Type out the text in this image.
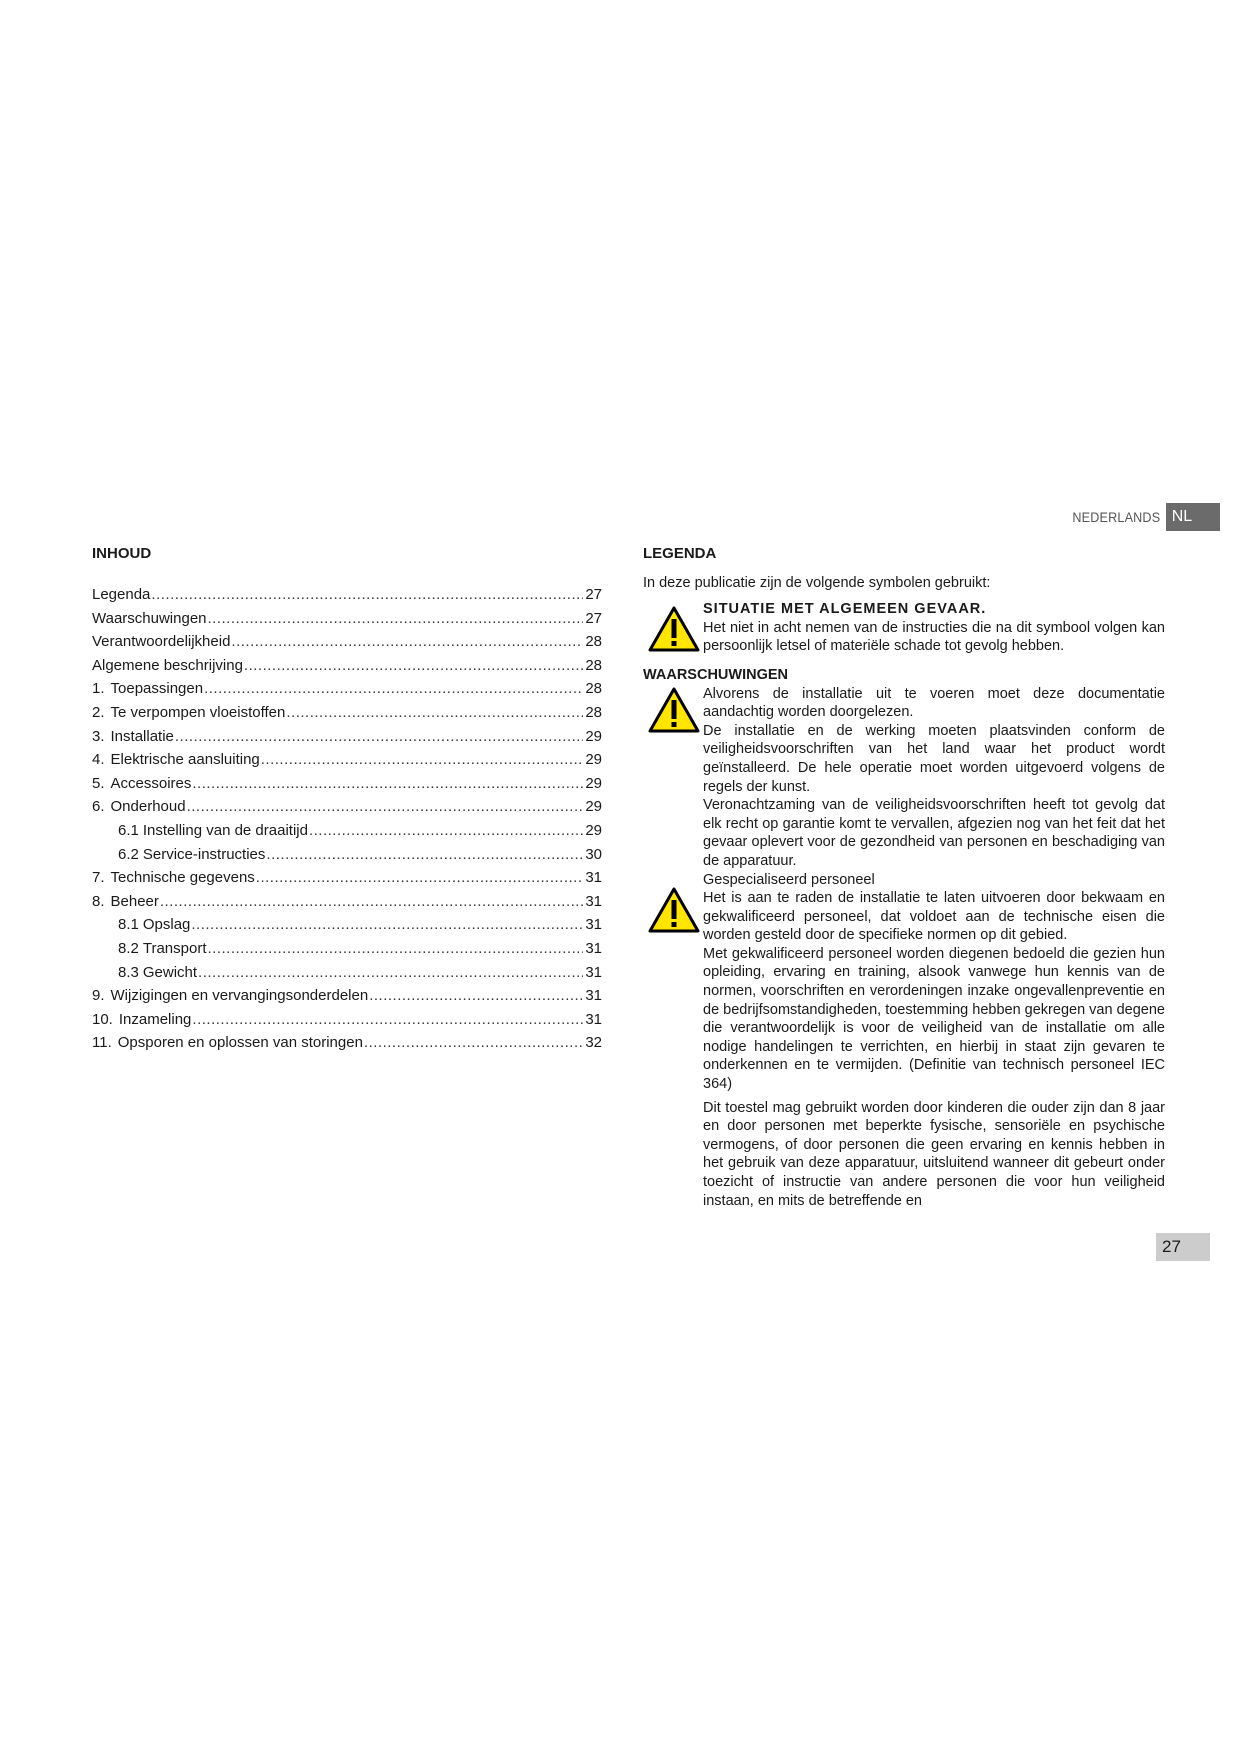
NEDERLANDS NL
INHOUD
Legenda .....	27
Waarschuwingen .....	27
Verantwoordelijkheid .....	28
Algemene beschrijving .....	28
1. Toepassingen .....	28
2. Te verpompen vloeistoffen .....	28
3. Installatie .....	29
4. Elektrische aansluiting .....	29
5. Accessoires .....	29
6. Onderhoud .....	29
6.1 Instelling van de draaitijd .....	29
6.2 Service-instructies .....	30
7. Technische gegevens .....	31
8. Beheer .....	31
8.1 Opslag .....	31
8.2 Transport .....	31
8.3 Gewicht .....	31
9. Wijzigingen en vervangingsonderdelen .....	31
10. Inzameling .....	31
11. Opsporen en oplossen van storingen .....	32
LEGENDA

In deze publicatie zijn de volgende symbolen gebruikt:

SITUATIE MET ALGEMEEN GEVAAR.

Het niet in acht nemen van de instructies die na dit symbool volgen kan persoonlijk letsel of materiële schade tot gevolg hebben.

WAARSCHUWINGEN

Alvorens de installatie uit te voeren moet deze documentatie aandachtig worden doorgelezen.

De installatie en de werking moeten plaatsvinden conform de veiligheidsvoorschriften van het land waar het product wordt geïnstalleerd. De hele operatie moet worden uitgevoerd volgens de regels der kunst.

Veronachtzaming van de veiligheidsvoorschriften heeft tot gevolg dat elk recht op garantie komt te vervallen, afgezien nog van het feit dat het gevaar oplevert voor de gezondheid van personen en beschadiging van de apparatuur.

Gespecialiseerd personeel

Het is aan te raden de installatie te laten uitvoeren door bekwaam en gekwalificeerd personeel, dat voldoet aan de technische eisen die worden gesteld door de specifieke normen op dit gebied.

Met gekwalificeerd personeel worden diegenen bedoeld die gezien hun opleiding, ervaring en training, alsook vanwege hun kennis van de normen, voorschriften en verordeningen inzake ongevallenpreventie en de bedrijfsomstandigheden, toestemming hebben gekregen van degene die verantwoordelijk is voor de veiligheid van de installatie om alle nodige handelingen te verrichten, en hierbij in staat zijn gevaren te onderkennen en te vermijden. (Definitie van technisch personeel IEC 364)

Dit toestel mag gebruikt worden door kinderen die ouder zijn dan 8 jaar en door personen met beperkte fysische, sensoriële en psychische vermogens, of door personen die geen ervaring en kennis hebben in het gebruik van deze apparatuur, uitsluitend wanneer dit gebeurt onder toezicht of instructie van andere personen die voor hun veiligheid instaan, en mits de betreffende en

27
